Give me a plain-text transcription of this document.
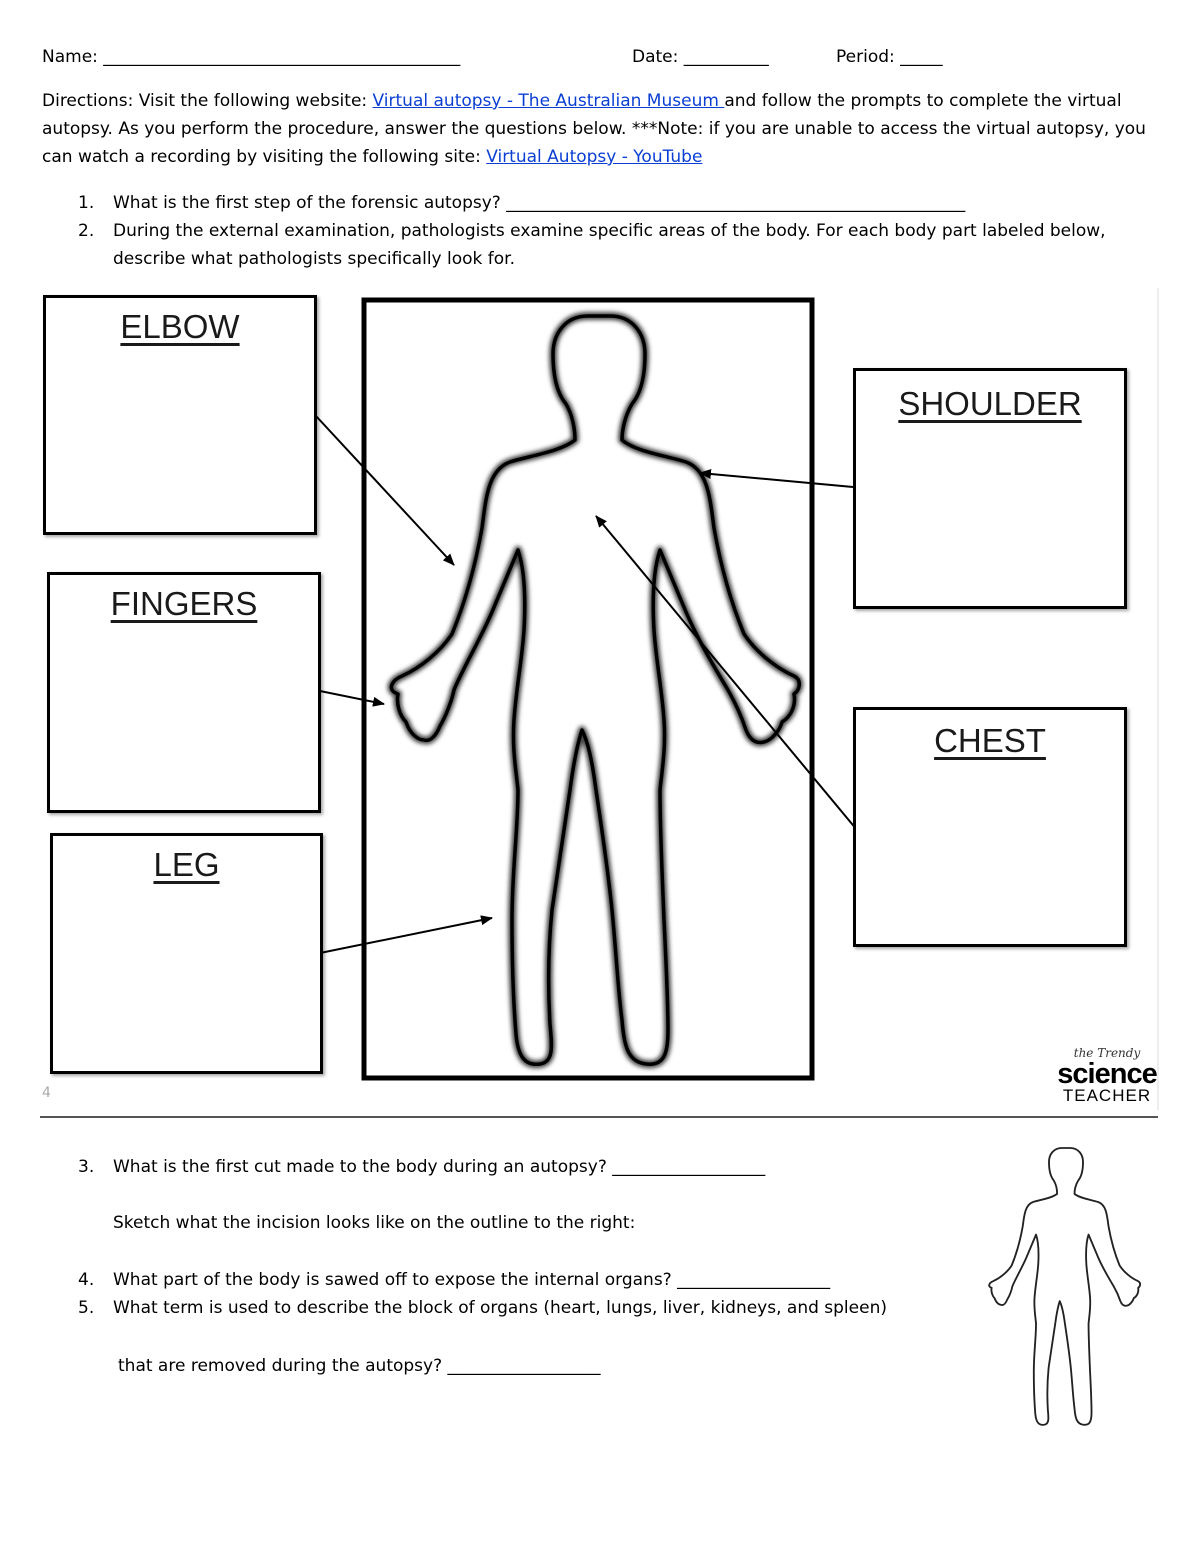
Name: __________________________________________	Date: __________	Period: _____
Directions: Visit the following website: Virtual autopsy - The Australian Museum and follow the prompts to complete the virtual autopsy. As you perform the procedure, answer the questions below. ***Note: if you are unable to access the virtual autopsy, you can watch a recording by visiting the following site: Virtual Autopsy - YouTube
1. What is the first step of the forensic autopsy? ______________________________________________________
2. During the external examination, pathologists examine specific areas of the body. For each body part labeled below, describe what pathologists specifically look for.
ELBOW
FINGERS
LEG
SHOULDER
CHEST
4
the Trendy
science
TEACHER
3. What is the first cut made to the body during an autopsy? __________________
Sketch what the incision looks like on the outline to the right:
4. What part of the body is sawed off to expose the internal organs? __________________
5. What term is used to describe the block of organs (heart, lungs, liver, kidneys, and spleen)
that are removed during the autopsy? __________________
